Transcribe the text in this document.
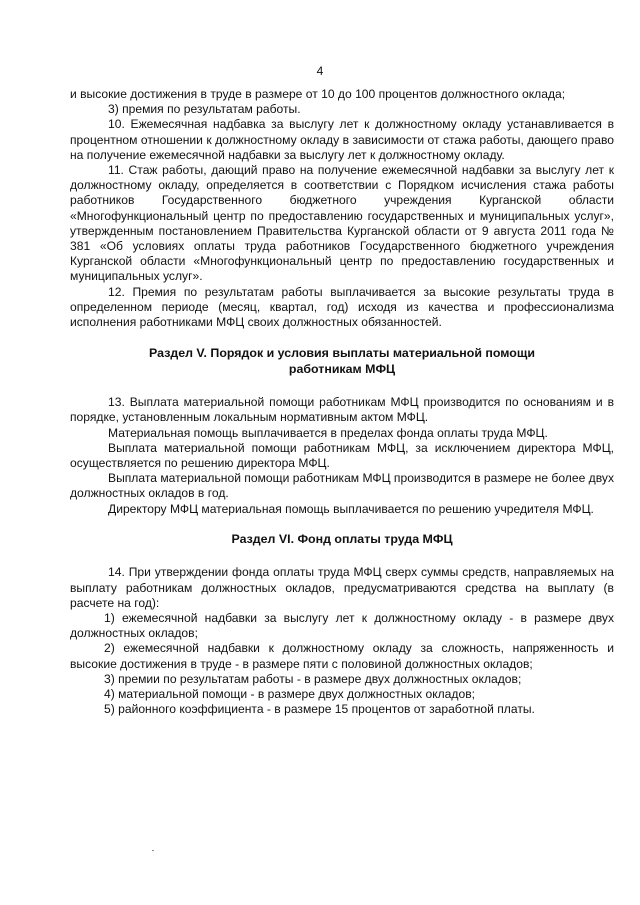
4

и высокие достижения в труде в размере от 10 до 100 процентов должностного оклада;

3) премия по результатам работы.

10. Ежемесячная надбавка за выслугу лет к должностному окладу устанавливается в процентном отношении к должностному окладу в зависимости от стажа работы, дающего право на получение ежемесячной надбавки за выслугу лет к должностному окладу.

11. Стаж работы, дающий право на получение ежемесячной надбавки за выслугу лет к должностному окладу, определяется в соответствии с Порядком исчисления стажа работы работников Государственного бюджетного учреждения Курганской области «Многофункциональный центр по предоставлению государственных и муниципальных услуг», утвержденным постановлением Правительства Курганской области от 9 августа 2011 года № 381 «Об условиях оплаты труда работников Государственного бюджетного учреждения Курганской области «Многофункциональный центр по предоставлению государственных и муниципальных услуг».

12. Премия по результатам работы выплачивается за высокие результаты труда в определенном периоде (месяц, квартал, год) исходя из качества и профессионализма исполнения работниками МФЦ своих должностных обязанностей.

Раздел V. Порядок и условия выплаты материальной помощи
работникам МФЦ

13. Выплата материальной помощи работникам МФЦ производится по основаниям и в порядке, установленным локальным нормативным актом МФЦ.

Материальная помощь выплачивается в пределах фонда оплаты труда МФЦ.

Выплата материальной помощи работникам МФЦ, за исключением директора МФЦ, осуществляется по решению директора МФЦ.

Выплата материальной помощи работникам МФЦ производится в размере не более двух должностных окладов в год.

Директору МФЦ материальная помощь выплачивается по решению учредителя МФЦ.

Раздел VI. Фонд оплаты труда МФЦ

14. При утверждении фонда оплаты труда МФЦ сверх суммы средств, направляемых на выплату работникам должностных окладов, предусматриваются средства на выплату (в расчете на год):

1) ежемесячной надбавки за выслугу лет к должностному окладу - в размере двух должностных окладов;

2) ежемесячной надбавки к должностному окладу за сложность, напряженность и высокие достижения в труде - в размере пяти с половиной должностных окладов;

3) премии по результатам работы - в размере двух должностных окладов;

4) материальной помощи - в размере двух должностных окладов;

5) районного коэффициента - в размере 15 процентов от заработной платы.
